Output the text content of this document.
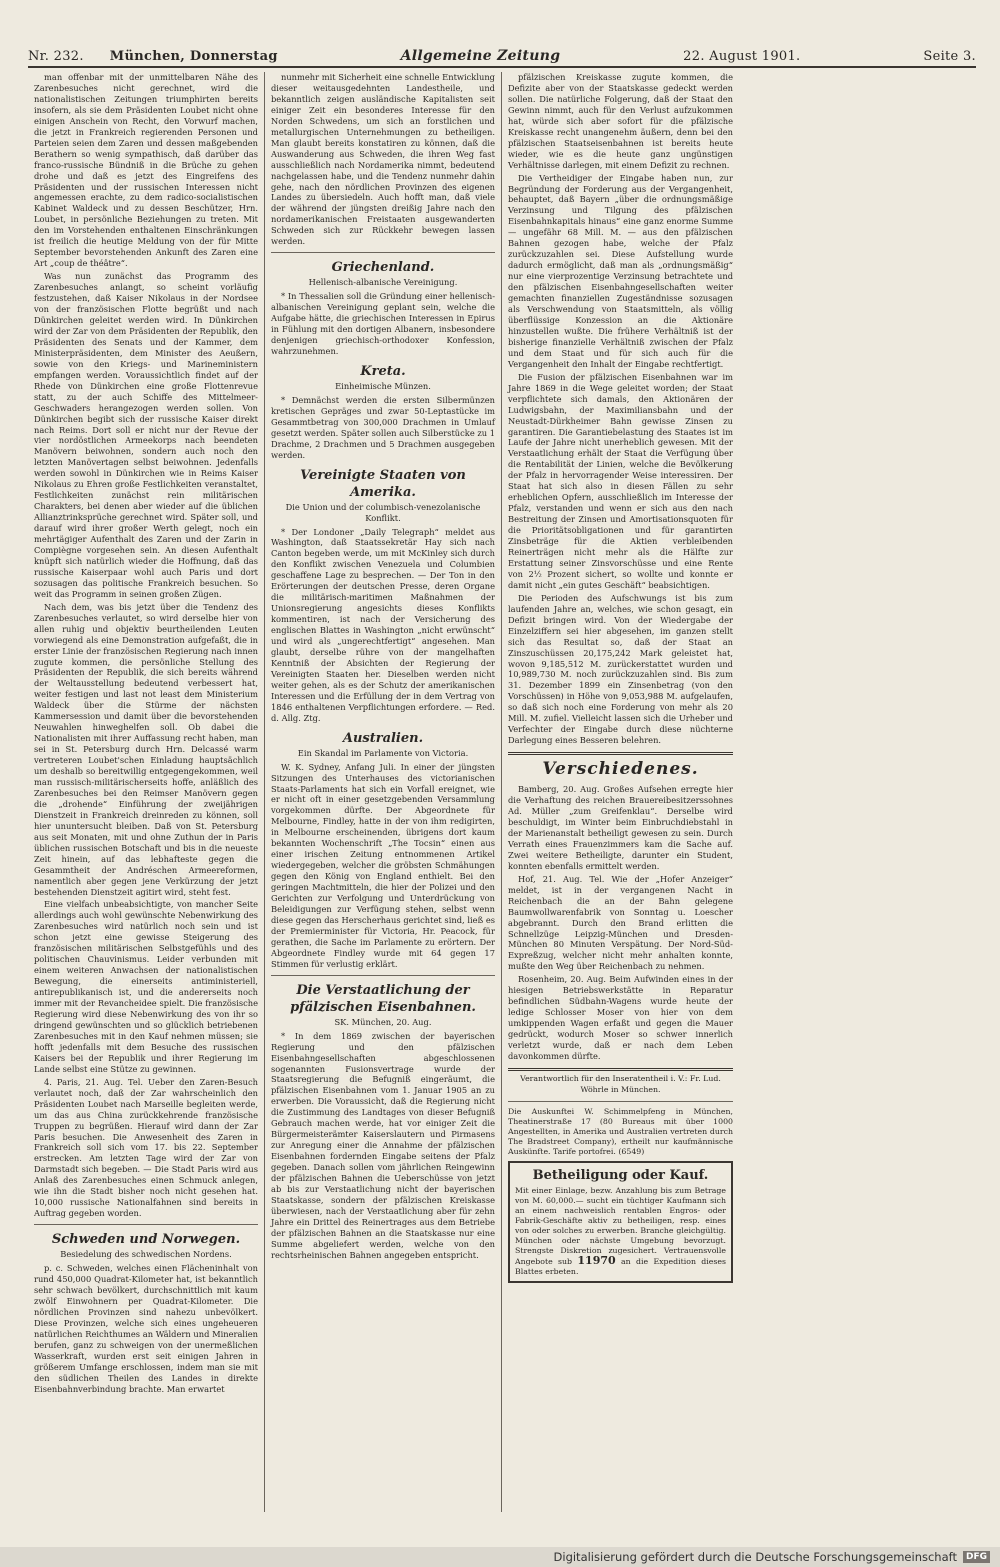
Nr. 232. München, Donnerstag	Allgemeine Zeitung	22. August 1901.	Seite 3.

man offenbar mit der unmittelbaren Nähe des Zarenbesuches nicht gerechnet, wird die nationalistischen Zeitungen triumphirten bereits insofern, als sie dem Präsidenten Loubet nicht ohne einigen Anschein von Recht, den Vorwurf machen, die jetzt in Frankreich regierenden Personen und Parteien seien dem Zaren und dessen maßgebenden Berathern so wenig sympathisch, daß darüber das franco-russische Bündniß in die Brüche zu gehen drohe und daß es jetzt des Eingreifens des Präsidenten und der russischen Interessen nicht angemessen erachte, zu dem radico-socialistischen Kabinet Waldeck und zu dessen Beschützer, Hrn. Loubet, in persönliche Beziehungen zu treten. Mit den im Vorstehenden enthaltenen Einschränkungen ist freilich die heutige Meldung von der für Mitte September bevorstehenden Ankunft des Zaren eine Art „coup de théâtre“.

Was nun zunächst das Programm des Zarenbesuches anlangt, so scheint vorläufig festzustehen, daß Kaiser Nikolaus in der Nordsee von der französischen Flotte begrüßt und nach Dünkirchen geleitet werden wird. In Dünkirchen wird der Zar von dem Präsidenten der Republik, den Präsidenten des Senats und der Kammer, dem Ministerpräsidenten, dem Minister des Aeußern, sowie von den Kriegs- und Marineministern empfangen werden. Voraussichtlich findet auf der Rhede von Dünkirchen eine große Flottenrevue statt, zu der auch Schiffe des Mittelmeer-Geschwaders herangezogen werden sollen. Von Dünkirchen begibt sich der russische Kaiser direkt nach Reims. Dort soll er nicht nur der Revue der vier nordöstlichen Armeekorps nach beendeten Manövern beiwohnen, sondern auch noch den letzten Manövertagen selbst beiwohnen. Jedenfalls werden sowohl in Dünkirchen wie in Reims Kaiser Nikolaus zu Ehren große Festlichkeiten veranstaltet, Festlichkeiten zunächst rein militärischen Charakters, bei denen aber wieder auf die üblichen Allianztrinksprüche gerechnet wird. Später soll, und darauf wird ihrer großer Werth gelegt, noch ein mehrtägiger Aufenthalt des Zaren und der Zarin in Compiègne vorgesehen sein. An diesen Aufenthalt knüpft sich natürlich wieder die Hoffnung, daß das russische Kaiserpaar wohl auch Paris und dort sozusagen das politische Frankreich besuchen. So weit das Programm in seinen großen Zügen.

Nach dem, was bis jetzt über die Tendenz des Zarenbesuches verlautet, so wird derselbe hier von allen ruhig und objektiv beurtheilenden Leuten vorwiegend als eine Demonstration aufgefaßt, die in erster Linie der französischen Regierung nach innen zugute kommen, die persönliche Stellung des Präsidenten der Republik, die sich bereits während der Weltausstellung bedeutend verbessert hat, weiter festigen und last not least dem Ministerium Waldeck über die Stürme der nächsten Kammersession und damit über die bevorstehenden Neuwahlen hinweghelfen soll. Ob dabei die Nationalisten mit ihrer Auffassung recht haben, man sei in St. Petersburg durch Hrn. Delcassé warm vertreteren Loubet'schen Einladung hauptsächlich um deshalb so bereitwillig entgegengekommen, weil man russisch-militärischerseits hoffe, anläßlich des Zarenbesuches bei den Reimser Manövern gegen die „drohende“ Einführung der zweijährigen Dienstzeit in Frankreich dreinreden zu können, soll hier ununtersucht bleiben. Daß von St. Petersburg aus seit Monaten, mit und ohne Zuthun der in Paris üblichen russischen Botschaft und bis in die neueste Zeit hinein, auf das lebhafteste gegen die Gesammtheit der Andréschen Armeereformen, namentlich aber gegen jene Verkürzung der jetzt bestehenden Dienstzeit agitirt wird, steht fest.

Eine vielfach unbeabsichtigte, von mancher Seite allerdings auch wohl gewünschte Nebenwirkung des Zarenbesuches wird natürlich noch sein und ist schon jetzt eine gewisse Steigerung des französischen militärischen Selbstgefühls und des politischen Chauvinismus. Leider verbunden mit einem weiteren Anwachsen der nationalistischen Bewegung, die einerseits antiministeriell, antirepublikanisch ist, und die andererseits noch immer mit der Revancheidee spielt. Die französische Regierung wird diese Nebenwirkung des von ihr so dringend gewünschten und so glücklich betriebenen Zarenbesuches mit in den Kauf nehmen müssen; sie hofft jedenfalls mit dem Besuche des russischen Kaisers bei der Republik und ihrer Regierung im Lande selbst eine Stütze zu gewinnen.

4. Paris, 21. Aug. Tel. Ueber den Zaren-Besuch verlautet noch, daß der Zar wahrscheinlich den Präsidenten Loubet nach Marseille begleiten werde, um das aus China zurückkehrende französische Truppen zu begrüßen. Hierauf wird dann der Zar Paris besuchen. Die Anwesenheit des Zaren in Frankreich soll sich vom 17. bis 22. September erstrecken. Am letzten Tage wird der Zar von Darmstadt sich begeben. — Die Stadt Paris wird aus Anlaß des Zarenbesuches einen Schmuck anlegen, wie ihn die Stadt bisher noch nicht gesehen hat. 10,000 russische Nationalfahnen sind bereits in Auftrag gegeben worden.

Schweden und Norwegen.
Besiedelung des schwedischen Nordens.

p. c. Schweden, welches einen Flächeninhalt von rund 450,000 Quadrat-Kilometer hat, ist bekanntlich sehr schwach bevölkert, durchschnittlich mit kaum zwölf Einwohnern per Quadrat-Kilometer. Die nördlichen Provinzen sind nahezu unbevölkert. Diese Provinzen, welche sich eines ungeheueren natürlichen Reichthumes an Wäldern und Mineralien berufen, ganz zu schweigen von der unermeßlichen Wasserkraft, wurden erst seit einigen Jahren in größerem Umfange erschlossen, indem man sie mit den südlichen Theilen des Landes in direkte Eisenbahnverbindung brachte. Man erwartet

nunmehr mit Sicherheit eine schnelle Entwicklung dieser weitausgedehnten Landestheile, und bekanntlich zeigen ausländische Kapitalisten seit einiger Zeit ein besonderes Interesse für den Norden Schwedens, um sich an forstlichen und metallurgischen Unternehmungen zu betheiligen. Man glaubt bereits konstatiren zu können, daß die Auswanderung aus Schweden, die ihren Weg fast ausschließlich nach Nordamerika nimmt, bedeutend nachgelassen habe, und die Tendenz nunmehr dahin gehe, nach den nördlichen Provinzen des eigenen Landes zu übersiedeln. Auch hofft man, daß viele der während der jüngsten dreißig Jahre nach den nordamerikanischen Freistaaten ausgewanderten Schweden sich zur Rückkehr bewegen lassen werden.

Griechenland.
Hellenisch-albanische Vereinigung.

* In Thessalien soll die Gründung einer hellenisch-albanischen Vereinigung geplant sein, welche die Aufgabe hätte, die griechischen Interessen in Epirus in Fühlung mit den dortigen Albanern, insbesondere denjenigen griechisch-orthodoxer Konfession, wahrzunehmen.

Kreta.
Einheimische Münzen.

* Demnächst werden die ersten Silbermünzen kretischen Gepräges und zwar 50-Leptastücke im Gesammtbetrag von 300,000 Drachmen in Umlauf gesetzt werden. Später sollen auch Silberstücke zu 1 Drachme, 2 Drachmen und 5 Drachmen ausgegeben werden.

Vereinigte Staaten von Amerika.
Die Union und der columbisch-venezolanische Konflikt.

* Der Londoner „Daily Telegraph“ meldet aus Washington, daß Staatssekretär Hay sich nach Canton begeben werde, um mit McKinley sich durch den Konflikt zwischen Venezuela und Columbien geschaffene Lage zu besprechen. — Der Ton in den Erörterungen der deutschen Presse, deren Organe die militärisch-maritimen Maßnahmen der Unionsregierung angesichts dieses Konflikts kommentiren, ist nach der Versicherung des englischen Blattes in Washington „nicht erwünscht“ und wird als „ungerechtfertigt“ angesehen. Man glaubt, derselbe rühre von der mangelhaften Kenntniß der Absichten der Regierung der Vereinigten Staaten her. Dieselben werden nicht weiter gehen, als es der Schutz der amerikanischen Interessen und die Erfüllung der in dem Vertrag von 1846 enthaltenen Verpflichtungen erfordere. — Red. d. Allg. Ztg.

Australien.
Ein Skandal im Parlamente von Victoria.

W. K. Sydney, Anfang Juli. In einer der jüngsten Sitzungen des Unterhauses des victorianischen Staats-Parlaments hat sich ein Vorfall ereignet, wie er nicht oft in einer gesetzgebenden Versammlung vorgekommen dürfte. Der Abgeordnete für Melbourne, Findley, hatte in der von ihm redigirten, in Melbourne erscheinenden, übrigens dort kaum bekannten Wochenschrift „The Tocsin“ einen aus einer irischen Zeitung entnommenen Artikel wiedergegeben, welcher die gröbsten Schmähungen gegen den König von England enthielt. Bei den geringen Machtmitteln, die hier der Polizei und den Gerichten zur Verfolgung und Unterdrückung von Beleidigungen zur Verfügung stehen, selbst wenn diese gegen das Herscherhaus gerichtet sind, ließ es der Premierminister für Victoria, Hr. Peacock, für gerathen, die Sache im Parlamente zu erörtern. Der Abgeordnete Findley wurde mit 64 gegen 17 Stimmen für verlustig erklärt.

Die Verstaatlichung der pfälzischen Eisenbahnen.
SK. München, 20. Aug.

* In dem 1869 zwischen der bayerischen Regierung und den pfälzischen Eisenbahngesellschaften abgeschlossenen sogenannten Fusionsvertrage wurde der Staatsregierung die Befugniß eingeräumt, die pfälzischen Eisenbahnen vom 1. Januar 1905 an zu erwerben. Die Voraussicht, daß die Regierung nicht die Zustimmung des Landtages von dieser Befugniß Gebrauch machen werde, hat vor einiger Zeit die Bürgermeisterämter Kaiserslautern und Pirmasens zur Anregung einer die Annahme der pfälzischen Eisenbahnen fordernden Eingabe seitens der Pfalz gegeben. Danach sollen vom jährlichen Reingewinn der pfälzischen Bahnen die Ueberschüsse von jetzt ab bis zur Verstaatlichung nicht der bayerischen Staatskasse, sondern der pfälzischen Kreiskasse überwiesen, nach der Verstaatlichung aber für zehn Jahre ein Drittel des Reinertrages aus dem Betriebe der pfälzischen Bahnen an die Staatskasse nur eine Summe abgeliefert werden, welche von den rechtsrheinischen Bahnen angegeben entspricht.

pfälzischen Kreiskasse zugute kommen, die Defizite aber von der Staatskasse gedeckt werden sollen. Die natürliche Folgerung, daß der Staat den Gewinn nimmt, auch für den Verlust aufzukommen hat, würde sich aber sofort für die pfälzische Kreiskasse recht unangenehm äußern, denn bei den pfälzischen Staatseisenbahnen ist bereits heute wieder, wie es die heute ganz ungünstigen Verhältnisse darlegen, mit einem Defizit zu rechnen.

Die Vertheidiger der Eingabe haben nun, zur Begründung der Forderung aus der Vergangenheit, behauptet, daß Bayern „über die ordnungsmäßige Verzinsung und Tilgung des pfälzischen Eisenbahnkapitals hinaus“ eine ganz enorme Summe — ungefähr 68 Mill. M. — aus den pfälzischen Bahnen gezogen habe, welche der Pfalz zurückzuzahlen sei. Diese Aufstellung wurde dadurch ermöglicht, daß man als „ordnungsmäßig“ nur eine vierprozentige Verzinsung betrachtete und den pfälzischen Eisenbahngesellschaften weiter gemachten finanziellen Zugeständnisse sozusagen als Verschwendung von Staatsmitteln, als völlig überflüssige Konzession an die Aktionäre hinzustellen wußte. Die frühere Verhältniß ist der bisherige finanzielle Verhältniß zwischen der Pfalz und dem Staat und für sich auch für die Vergangenheit den Inhalt der Eingabe rechtfertigt.

Die Fusion der pfälzischen Eisenbahnen war im Jahre 1869 in die Wege geleitet worden; der Staat verpflichtete sich damals, den Aktionären der Ludwigsbahn, der Maximiliansbahn und der Neustadt-Dürkheimer Bahn gewisse Zinsen zu garantiren. Die Garantiebelastung des Staates ist im Laufe der Jahre nicht unerheblich gewesen. Mit der Verstaatlichung erhält der Staat die Verfügung über die Rentabilität der Linien, welche die Bevölkerung der Pfalz in hervorragender Weise interessiren. Der Staat hat sich also in diesen Fällen zu sehr erheblichen Opfern, ausschließlich im Interesse der Pfalz, verstanden und wenn er sich aus den nach Bestreitung der Zinsen und Amortisationsquoten für die Prioritätsobligationen und für garantirten Zinsbeträge für die Aktien verbleibenden Reinerträgen nicht mehr als die Hälfte zur Erstattung seiner Zinsvorschüsse und eine Rente von 2½ Prozent sichert, so wollte und konnte er damit nicht „ein gutes Geschäft“ beabsichtigen.

Die Perioden des Aufschwungs ist bis zum laufenden Jahre an, welches, wie schon gesagt, ein Defizit bringen wird. Von der Wiedergabe der Einzelziffern sei hier abgesehen, im ganzen stellt sich das Resultat so, daß der Staat an Zinszuschüssen 20,175,242 Mark geleistet hat, wovon 9,185,512 M. zurückerstattet wurden und 10,989,730 M. noch zurückzuzahlen sind. Bis zum 31. Dezember 1899 ein Zinsenbetrag (von den Vorschüssen) in Höhe von 9,053,988 M. aufgelaufen, so daß sich noch eine Forderung von mehr als 20 Mill. M. zufiel. Vielleicht lassen sich die Urheber und Verfechter der Eingabe durch diese nüchterne Darlegung eines Besseren belehren.

Verschiedenes.

Bamberg, 20. Aug. Großes Aufsehen erregte hier die Verhaftung des reichen Brauereibesitzerssohnes Ad. Müller „zum Greifenklau“. Derselbe wird beschuldigt, im Winter beim Einbruchdiebstahl in der Marienanstalt betheiligt gewesen zu sein. Durch Verrath eines Frauenzimmers kam die Sache auf. Zwei weitere Betheiligte, darunter ein Student, konnten ebenfalls ermittelt werden.

Hof, 21. Aug. Tel. Wie der „Hofer Anzeiger“ meldet, ist in der vergangenen Nacht in Reichenbach die an der Bahn gelegene Baumwollwarenfabrik von Sonntag u. Loescher abgebrannt. Durch den Brand erlitten die Schnellzüge Leipzig-München und Dresden-München 80 Minuten Verspätung. Der Nord-Süd-Expreßzug, welcher nicht mehr anhalten konnte, mußte den Weg über Reichenbach zu nehmen.

Rosenheim, 20. Aug. Beim Aufwinden eines in der hiesigen Betriebswerkstätte in Reparatur befindlichen Südbahn-Wagens wurde heute der ledige Schlosser Moser von hier von dem umkippenden Wagen erfaßt und gegen die Mauer gedrückt, wodurch Moser so schwer innerlich verletzt wurde, daß er nach dem Leben davonkommen dürfte.

Verantwortlich für den Inseratentheil i. V.: Fr. Lud. Wöhrle in München.
Die Auskunftei W. Schimmelpfeng in München, Theatinerstraße 17 (80 Bureaus mit über 1000 Angestellten, in Amerika und Australien vertreten durch The Bradstreet Company), ertheilt nur kaufmännische Auskünfte. Tarife portofrei. (6549)
Betheiligung oder Kauf.
Mit einer Einlage, bezw. Anzahlung bis zum Betrage von M. 60,000.— sucht ein tüchtiger Kaufmann sich an einem nachweislich rentablen Engros- oder Fabrik-Geschäfte aktiv zu betheiligen, resp. eines von oder solches zu erwerben. Branche gleichgültig. München oder nächste Umgebung bevorzugt. Strengste Diskretion zugesichert. Vertrauensvolle Angebote sub 11970 an die Expedition dieses Blattes erbeten.
Digitalisierung gefördert durch die Deutsche Forschungsgemeinschaft	DFG
